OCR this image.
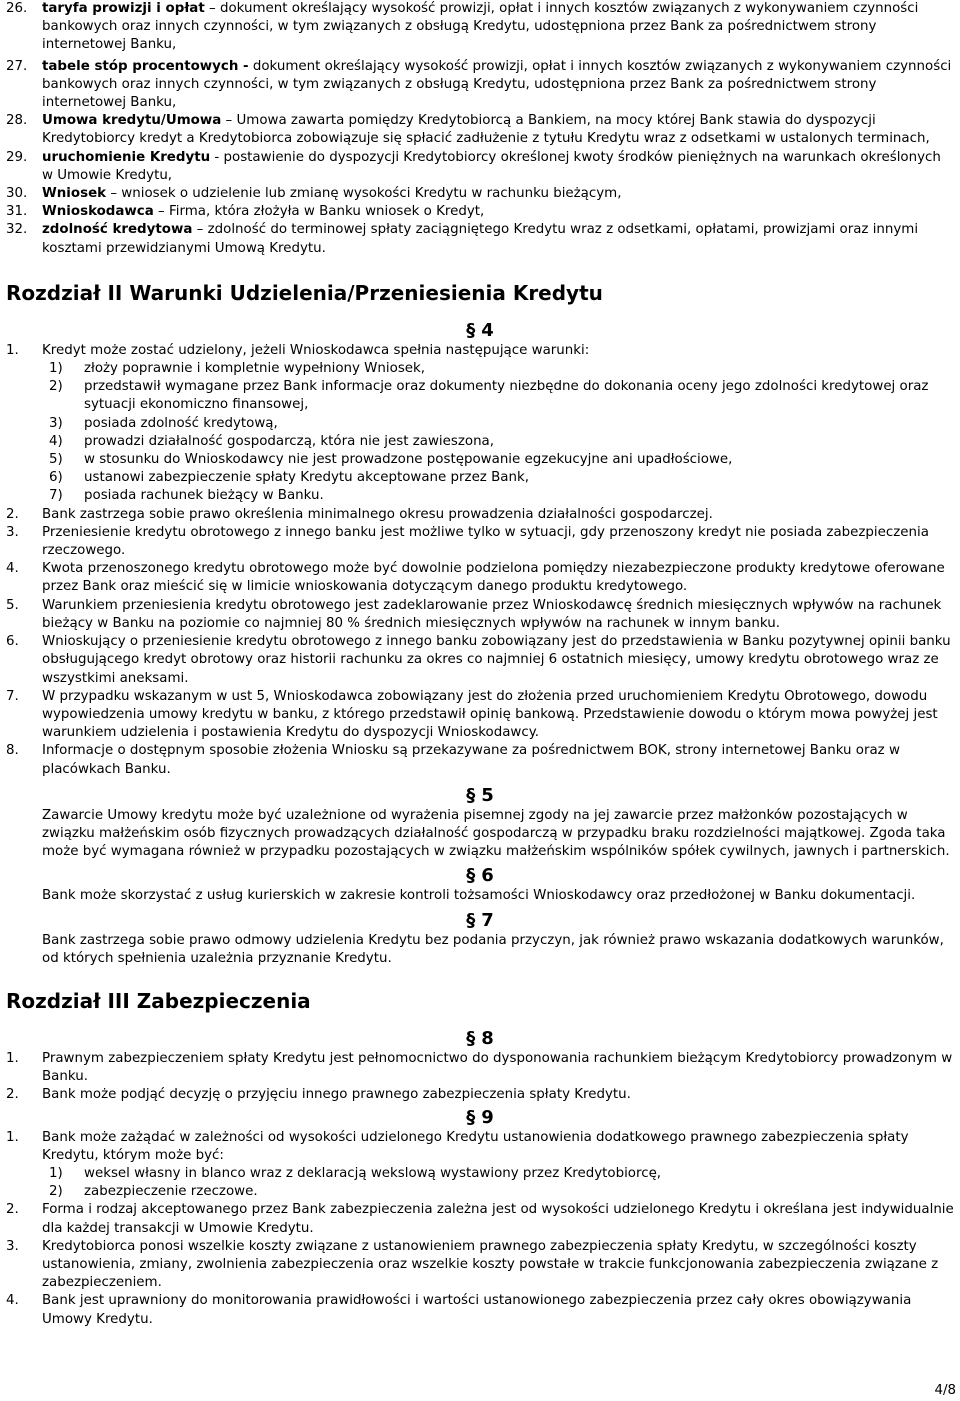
26. taryfa prowizji i opłat – dokument określający wysokość prowizji, opłat i innych kosztów związanych z wykonywaniem czynności bankowych oraz innych czynności, w tym związanych z obsługą Kredytu, udostępniona przez Bank za pośrednictwem strony internetowej Banku,
27. tabele stóp procentowych - dokument określający wysokość prowizji, opłat i innych kosztów związanych z wykonywaniem czynności bankowych oraz innych czynności, w tym związanych z obsługą Kredytu, udostępniona przez Bank za pośrednictwem strony internetowej Banku,
28. Umowa kredytu/Umowa – Umowa zawarta pomiędzy Kredytobiorcą a Bankiem, na mocy której Bank stawia do dyspozycji Kredytobiorcy kredyt a Kredytobiorca zobowiązuje się spłacić zadłużenie z tytułu Kredytu wraz z odsetkami w ustalonych terminach,
29. uruchomienie Kredytu - postawienie do dyspozycji Kredytobiorcy określonej kwoty środków pieniężnych na warunkach określonych w Umowie Kredytu,
30. Wniosek – wniosek o udzielenie lub zmianę wysokości Kredytu w rachunku bieżącym,
31. Wnioskodawca – Firma, która złożyła w Banku wniosek o Kredyt,
32. zdolność kredytowa – zdolność do terminowej spłaty zaciągniętego Kredytu wraz z odsetkami, opłatami, prowizjami oraz innymi kosztami przewidzianymi Umową Kredytu.
Rozdział II Warunki Udzielenia/Przeniesienia Kredytu
§ 4
1. Kredyt może zostać udzielony, jeżeli Wnioskodawca spełnia następujące warunki:
1) złoży poprawnie i kompletnie wypełniony Wniosek,
2) przedstawił wymagane przez Bank informacje oraz dokumenty niezbędne do dokonania oceny jego zdolności kredytowej oraz sytuacji ekonomiczno finansowej,
3) posiada zdolność kredytową,
4) prowadzi działalność gospodarczą, która nie jest zawieszona,
5) w stosunku do Wnioskodawcy nie jest prowadzone postępowanie egzekucyjne ani upadłościowe,
6) ustanowi zabezpieczenie spłaty Kredytu akceptowane przez Bank,
7) posiada rachunek bieżący w Banku.
2. Bank zastrzega sobie prawo określenia minimalnego okresu prowadzenia działalności gospodarczej.
3. Przeniesienie kredytu obrotowego z innego banku jest możliwe tylko w sytuacji, gdy przenoszony kredyt nie posiada zabezpieczenia rzeczowego.
4. Kwota przenoszonego kredytu obrotowego może być dowolnie podzielona pomiędzy niezabezpieczone produkty kredytowe oferowane przez Bank oraz mieścić się w limicie wnioskowania dotyczącym danego produktu kredytowego.
5. Warunkiem przeniesienia kredytu obrotowego jest zadeklarowanie przez Wnioskodawcę średnich miesięcznych wpływów na rachunek bieżący w Banku na poziomie co najmniej 80 % średnich miesięcznych wpływów na rachunek w innym banku.
6. Wnioskujący o przeniesienie kredytu obrotowego z innego banku zobowiązany jest do przedstawienia w Banku pozytywnej opinii banku obsługującego kredyt obrotowy oraz historii rachunku za okres co najmniej 6 ostatnich miesięcy, umowy kredytu obrotowego wraz ze wszystkimi aneksami.
7. W przypadku wskazanym w ust 5, Wnioskodawca zobowiązany jest do złożenia przed uruchomieniem Kredytu Obrotowego, dowodu wypowiedzenia umowy kredytu w banku, z którego przedstawił opinię bankową. Przedstawienie dowodu o którym mowa powyżej jest warunkiem udzielenia i postawienia Kredytu do dyspozycji Wnioskodawcy.
8. Informacje o dostępnym sposobie złożenia Wniosku są przekazywane za pośrednictwem BOK, strony internetowej Banku oraz w placówkach Banku.
§ 5
Zawarcie Umowy kredytu może być uzależnione od wyrażenia pisemnej zgody na jej zawarcie przez małżonków pozostających w związku małżeńskim osób fizycznych prowadzących działalność gospodarczą w przypadku braku rozdzielności majątkowej. Zgoda taka może być wymagana również w przypadku pozostających w związku małżeńskim wspólników spółek cywilnych, jawnych i partnerskich.
§ 6
Bank może skorzystać z usług kurierskich w zakresie kontroli tożsamości Wnioskodawcy oraz przedłożonej w Banku dokumentacji.
§ 7
Bank zastrzega sobie prawo odmowy udzielenia Kredytu bez podania przyczyn, jak również prawo wskazania dodatkowych warunków, od których spełnienia uzależnia przyznanie Kredytu.
Rozdział III Zabezpieczenia
§ 8
1. Prawnym zabezpieczeniem spłaty Kredytu jest pełnomocnictwo do dysponowania rachunkiem bieżącym Kredytobiorcy prowadzonym w Banku.
2. Bank może podjąć decyzję o przyjęciu innego prawnego zabezpieczenia spłaty Kredytu.
§ 9
1. Bank może zażądać w zależności od wysokości udzielonego Kredytu ustanowienia dodatkowego prawnego zabezpieczenia spłaty Kredytu, którym może być:
1) weksel własny in blanco wraz z deklaracją wekslową wystawiony przez Kredytobiorcę,
2) zabezpieczenie rzeczowe.
2. Forma i rodzaj akceptowanego przez Bank zabezpieczenia zależna jest od wysokości udzielonego Kredytu i określana jest indywidualnie dla każdej transakcji w Umowie Kredytu.
3. Kredytobiorca ponosi wszelkie koszty związane z ustanowieniem prawnego zabezpieczenia spłaty Kredytu, w szczególności koszty ustanowienia, zmiany, zwolnienia zabezpieczenia oraz wszelkie koszty powstałe w trakcie funkcjonowania zabezpieczenia związane z zabezpieczeniem.
4. Bank jest uprawniony do monitorowania prawidłowości i wartości ustanowionego zabezpieczenia przez cały okres obowiązywania Umowy Kredytu.
4/8
